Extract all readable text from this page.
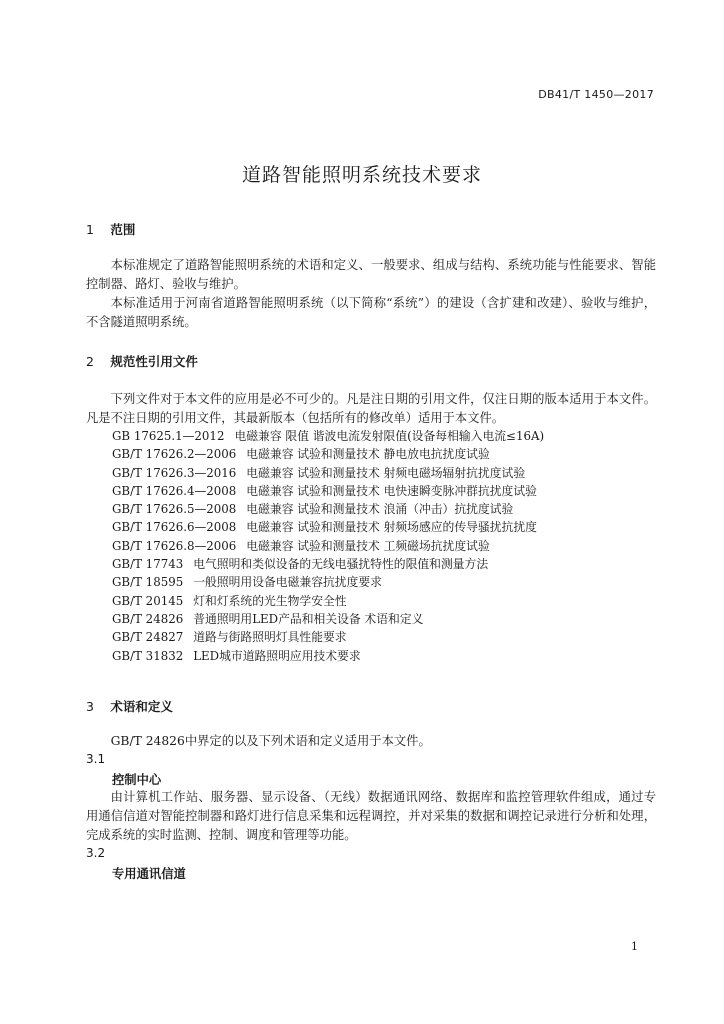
DB41/T 1450—2017
道路智能照明系统技术要求
1 范围

本标准规定了道路智能照明系统的术语和定义、一般要求、组成与结构、系统功能与性能要求、智能控制器、路灯、验收与维护。

本标准适用于河南省道路智能照明系统（以下简称“系统”）的建设（含扩建和改建）、验收与维护，不含隧道照明系统。

2 规范性引用文件

下列文件对于本文件的应用是必不可少的。凡是注日期的引用文件，仅注日期的版本适用于本文件。凡是不注日期的引用文件，其最新版本（包括所有的修改单）适用于本文件。

GB 17625.1—2012 电磁兼容 限值 谐波电流发射限值(设备每相输入电流≤16A)
GB/T 17626.2—2006 电磁兼容 试验和测量技术 静电放电抗扰度试验
GB/T 17626.3—2016 电磁兼容 试验和测量技术 射频电磁场辐射抗扰度试验
GB/T 17626.4—2008 电磁兼容 试验和测量技术 电快速瞬变脉冲群抗扰度试验
GB/T 17626.5—2008 电磁兼容 试验和测量技术 浪涌（冲击）抗扰度试验
GB/T 17626.6—2008 电磁兼容 试验和测量技术 射频场感应的传导骚扰抗扰度
GB/T 17626.8—2006 电磁兼容 试验和测量技术 工频磁场抗扰度试验
GB/T 17743 电气照明和类似设备的无线电骚扰特性的限值和测量方法
GB/T 18595 一般照明用设备电磁兼容抗扰度要求
GB/T 20145 灯和灯系统的光生物学安全性
GB/T 24826 普通照明用LED产品和相关设备 术语和定义
GB/T 24827 道路与街路照明灯具性能要求
GB/T 31832 LED城市道路照明应用技术要求
3 术语和定义

GB/T 24826中界定的以及下列术语和定义适用于本文件。

3.1
控制中心

由计算机工作站、服务器、显示设备、（无线）数据通讯网络、数据库和监控管理软件组成，通过专用通信信道对智能控制器和路灯进行信息采集和远程调控，并对采集的数据和调控记录进行分析和处理，完成系统的实时监测、控制、调度和管理等功能。

3.2
专用通讯信道
1
